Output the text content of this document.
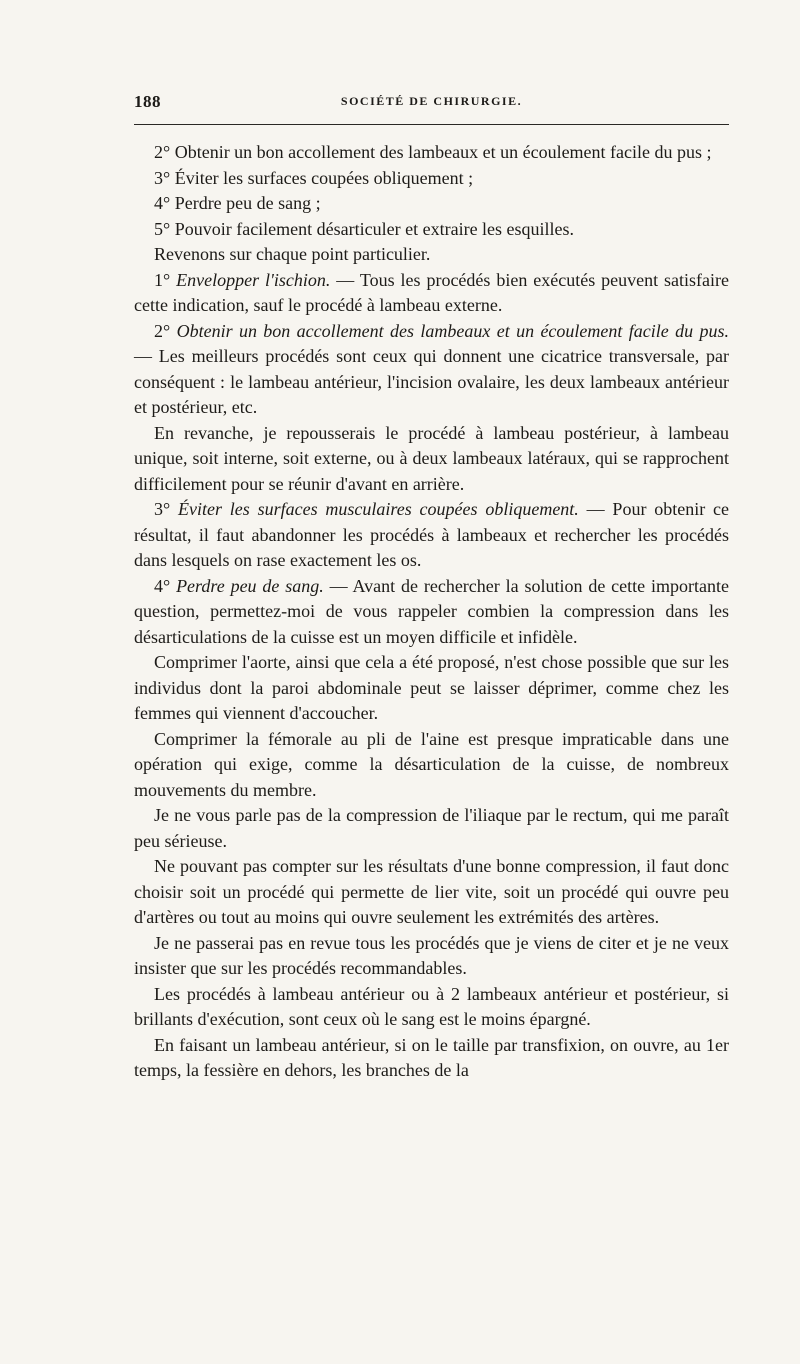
188	SOCIÉTÉ DE CHIRURGIE.

2° Obtenir un bon accollement des lambeaux et un écoulement facile du pus ;

3° Éviter les surfaces coupées obliquement ;

4° Perdre peu de sang ;

5° Pouvoir facilement désarticuler et extraire les esquilles.

Revenons sur chaque point particulier.

1° Envelopper l'ischion. — Tous les procédés bien exécutés peuvent satisfaire cette indication, sauf le procédé à lambeau externe.

2° Obtenir un bon accollement des lambeaux et un écoulement facile du pus. — Les meilleurs procédés sont ceux qui donnent une cicatrice transversale, par conséquent : le lambeau antérieur, l'incision ovalaire, les deux lambeaux antérieur et postérieur, etc.

En revanche, je repousserais le procédé à lambeau postérieur, à lambeau unique, soit interne, soit externe, ou à deux lambeaux latéraux, qui se rapprochent difficilement pour se réunir d'avant en arrière.

3° Éviter les surfaces musculaires coupées obliquement. — Pour obtenir ce résultat, il faut abandonner les procédés à lambeaux et rechercher les procédés dans lesquels on rase exactement les os.

4° Perdre peu de sang. — Avant de rechercher la solution de cette importante question, permettez-moi de vous rappeler combien la compression dans les désarticulations de la cuisse est un moyen difficile et infidèle.

Comprimer l'aorte, ainsi que cela a été proposé, n'est chose possible que sur les individus dont la paroi abdominale peut se laisser déprimer, comme chez les femmes qui viennent d'accoucher.

Comprimer la fémorale au pli de l'aine est presque impraticable dans une opération qui exige, comme la désarticulation de la cuisse, de nombreux mouvements du membre.

Je ne vous parle pas de la compression de l'iliaque par le rectum, qui me paraît peu sérieuse.

Ne pouvant pas compter sur les résultats d'une bonne compression, il faut donc choisir soit un procédé qui permette de lier vite, soit un procédé qui ouvre peu d'artères ou tout au moins qui ouvre seulement les extrémités des artères.

Je ne passerai pas en revue tous les procédés que je viens de citer et je ne veux insister que sur les procédés recommandables.

Les procédés à lambeau antérieur ou à 2 lambeaux antérieur et postérieur, si brillants d'exécution, sont ceux où le sang est le moins épargné.

En faisant un lambeau antérieur, si on le taille par transfixion, on ouvre, au 1er temps, la fessière en dehors, les branches de la
